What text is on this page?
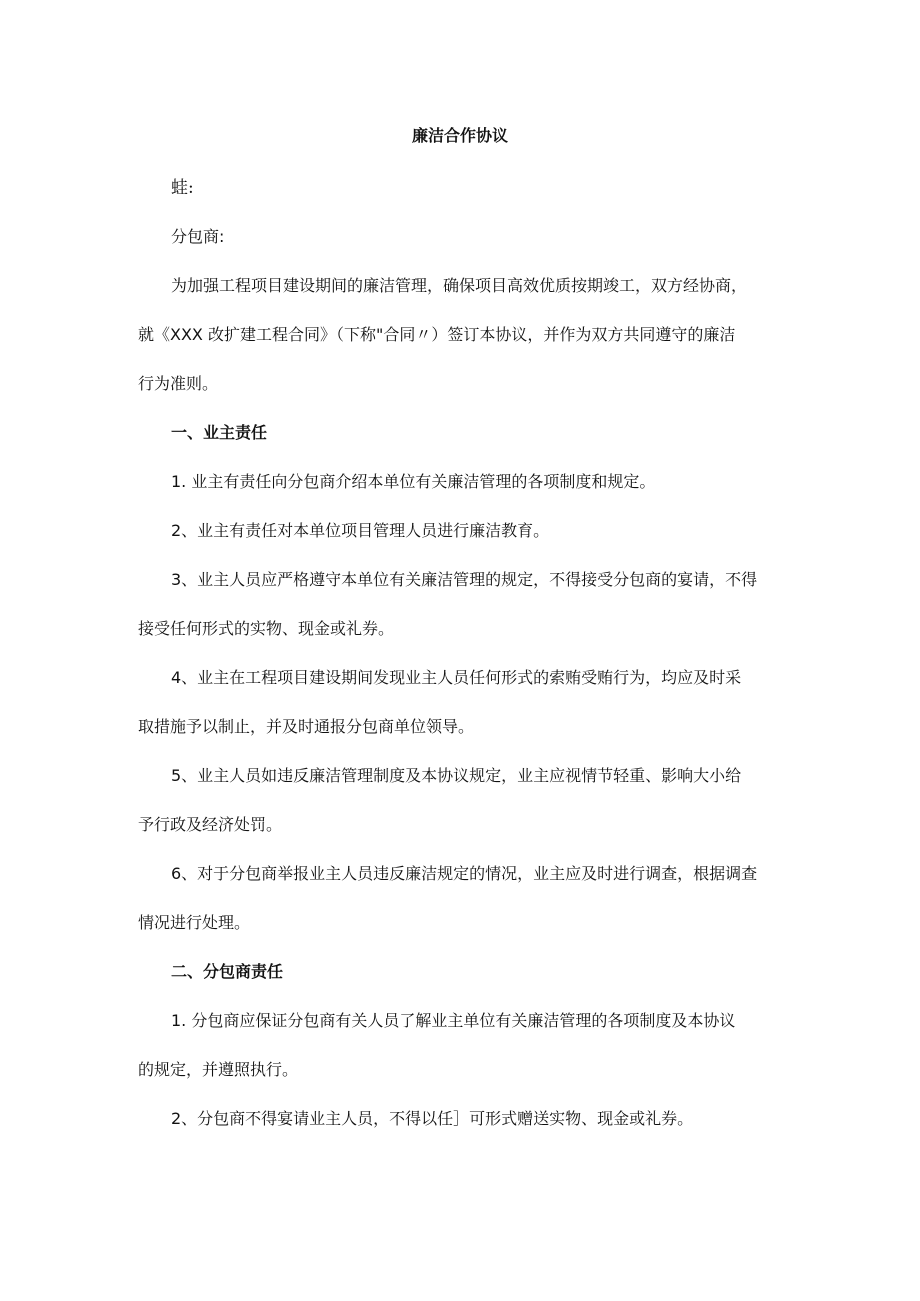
廉洁合作协议
蛙:
分包商:
为加强工程项目建设期间的廉洁管理，确保项目高效优质按期竣工，双方经协商，
就《XXX 改扩建工程合同》（下称"合同〃）签订本协议，并作为双方共同遵守的廉洁
行为准则。
一、业主责任
1. 业主有责任向分包商介绍本单位有关廉洁管理的各项制度和规定。
2、业主有责任对本单位项目管理人员进行廉洁教育。
3、业主人员应严格遵守本单位有关廉洁管理的规定，不得接受分包商的宴请，不得
接受任何形式的实物、现金或礼券。
4、业主在工程项目建设期间发现业主人员任何形式的索贿受贿行为，均应及时采
取措施予以制止，并及时通报分包商单位领导。
5、业主人员如违反廉洁管理制度及本协议规定，业主应视情节轻重、影响大小给
予行政及经济处罚。
6、对于分包商举报业主人员违反廉洁规定的情况，业主应及时进行调查，根据调查
情况进行处理。
二、分包商责任
1. 分包商应保证分包商有关人员了解业主单位有关廉洁管理的各项制度及本协议
的规定，并遵照执行。
2、分包商不得宴请业主人员，不得以任］可形式赠送实物、现金或礼券。
